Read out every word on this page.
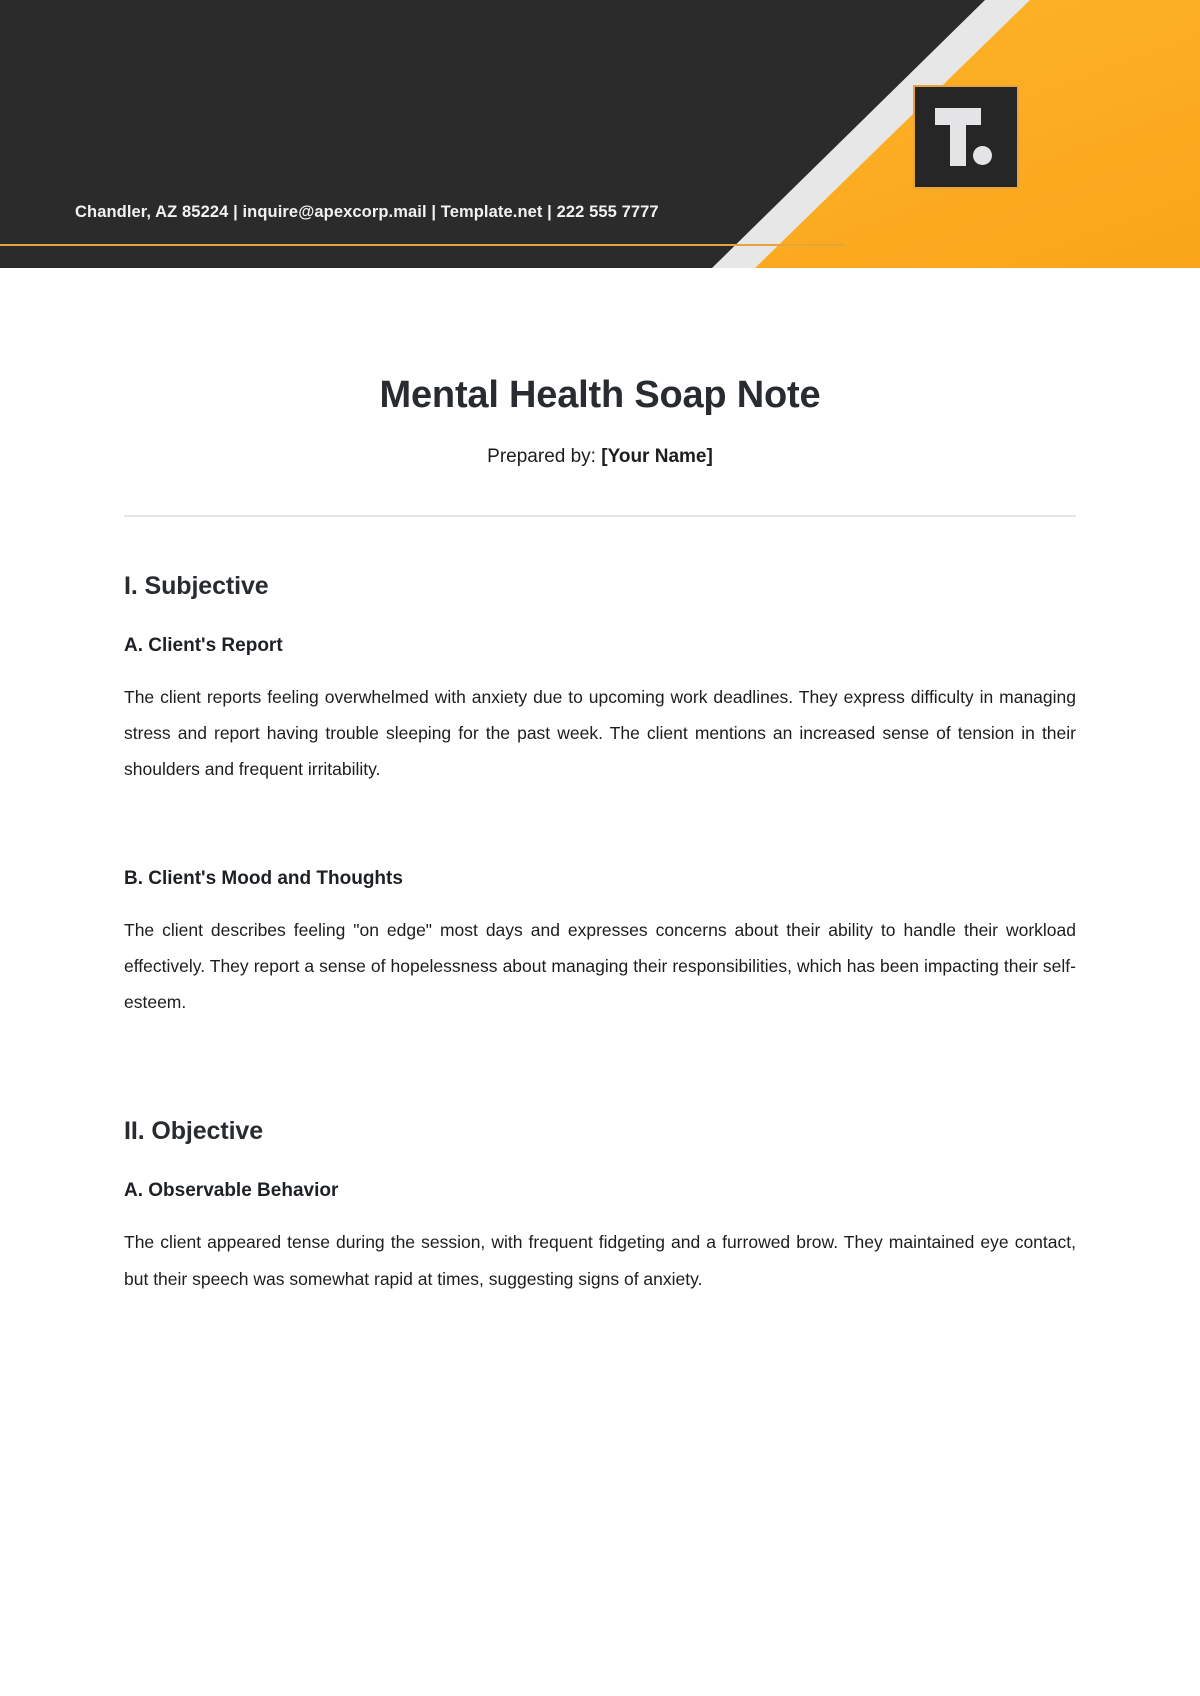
Chandler, AZ 85224 | inquire@apexcorp.mail | Template.net | 222 555 7777
Mental Health Soap Note

Prepared by: [Your Name]

I. Subjective
A. Client's Report

The client reports feeling overwhelmed with anxiety due to upcoming work deadlines. They express difficulty in managing stress and report having trouble sleeping for the past week. The client mentions an increased sense of tension in their shoulders and frequent irritability.

B. Client's Mood and Thoughts

The client describes feeling "on edge" most days and expresses concerns about their ability to handle their workload effectively. They report a sense of hopelessness about managing their responsibilities, which has been impacting their self-esteem.

II. Objective
A. Observable Behavior

The client appeared tense during the session, with frequent fidgeting and a furrowed brow. They maintained eye contact, but their speech was somewhat rapid at times, suggesting signs of anxiety.
